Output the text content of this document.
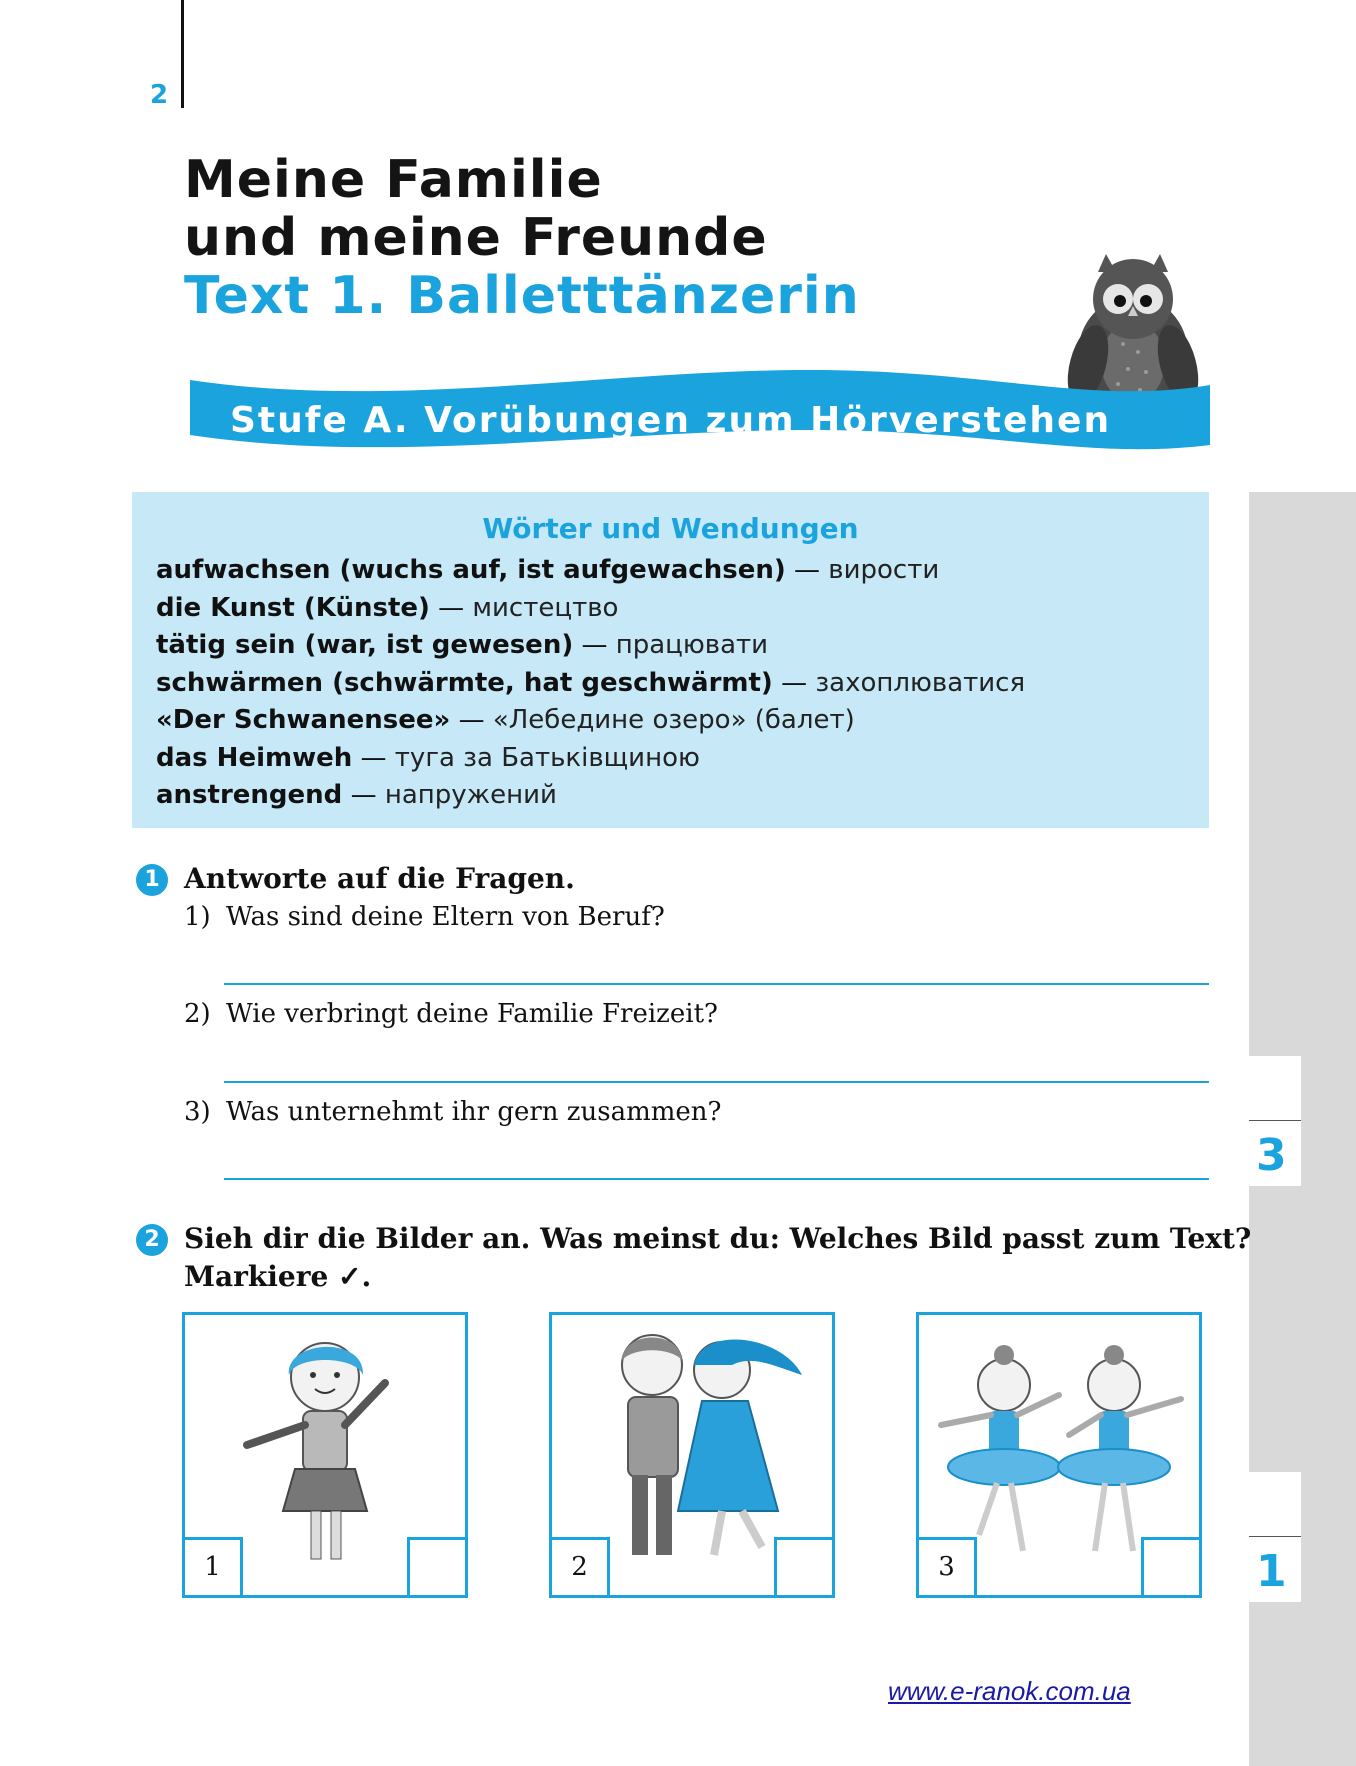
2
Meine Familie
und meine Freunde
Text 1. Balletttänzerin
Stufe A. Vorübungen zum Hörverstehen
Wörter und Wendungen
aufwachsen (wuchs auf, ist aufgewachsen) — вирости
die Kunst (Künste) — мистецтво
tätig sein (war, ist gewesen) — працювати
schwärmen (schwärmte, hat geschwärmt) — захоплюватися
«Der Schwanensee» — «Лебедине озеро» (балет)
das Heimweh — туга за Батьківщиною
anstrengend — напружений
3
1
1 Antworte auf die Fragen.
1) Was sind deine Eltern von Beruf?
2) Wie verbringt deine Familie Freizeit?
3) Was unternehmt ihr gern zusammen?
2 Sieh dir die Bilder an. Was meinst du: Welches Bild passt zum Text?
Markiere ✓.
1	2	3
www.e-ranok.com.ua
